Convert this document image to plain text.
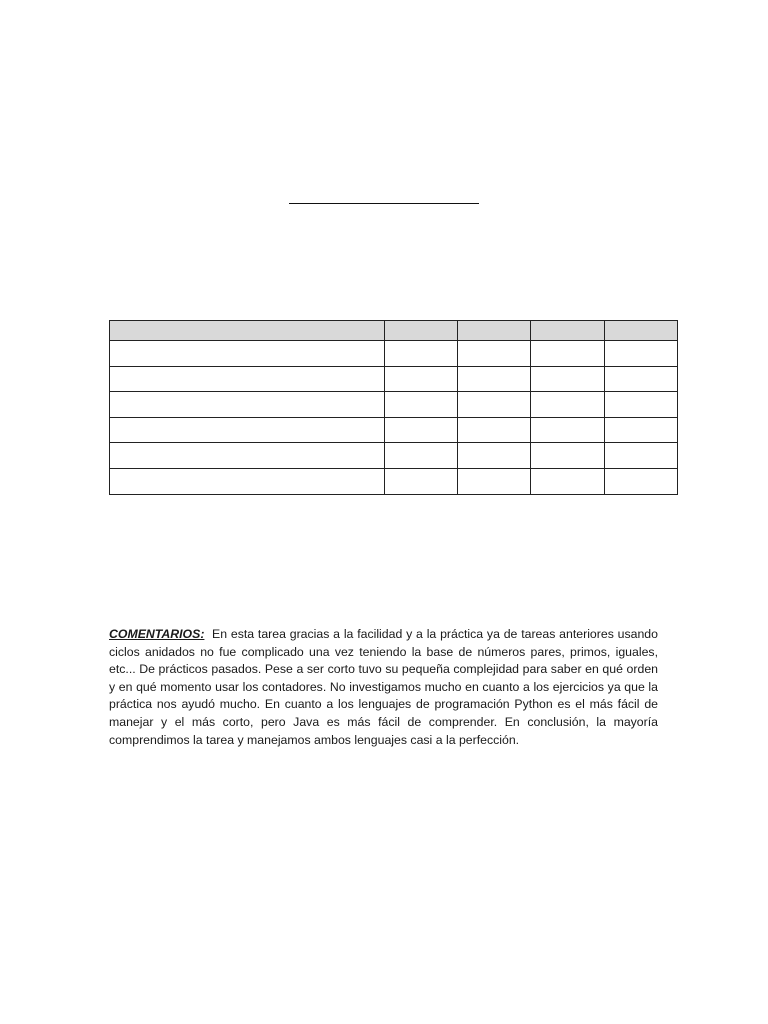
COMENTARIOS: En esta tarea gracias a la facilidad y a la práctica ya de tareas anteriores usando ciclos anidados no fue complicado una vez teniendo la base de números pares, primos, iguales, etc... De prácticos pasados. Pese a ser corto tuvo su pequeña complejidad para saber en qué orden y en qué momento usar los contadores. No investigamos mucho en cuanto a los ejercicios ya que la práctica nos ayudó mucho. En cuanto a los lenguajes de programación Python es el más fácil de manejar y el más corto, pero Java es más fácil de comprender. En conclusión, la mayoría comprendimos la tarea y manejamos ambos lenguajes casi a la perfección.
